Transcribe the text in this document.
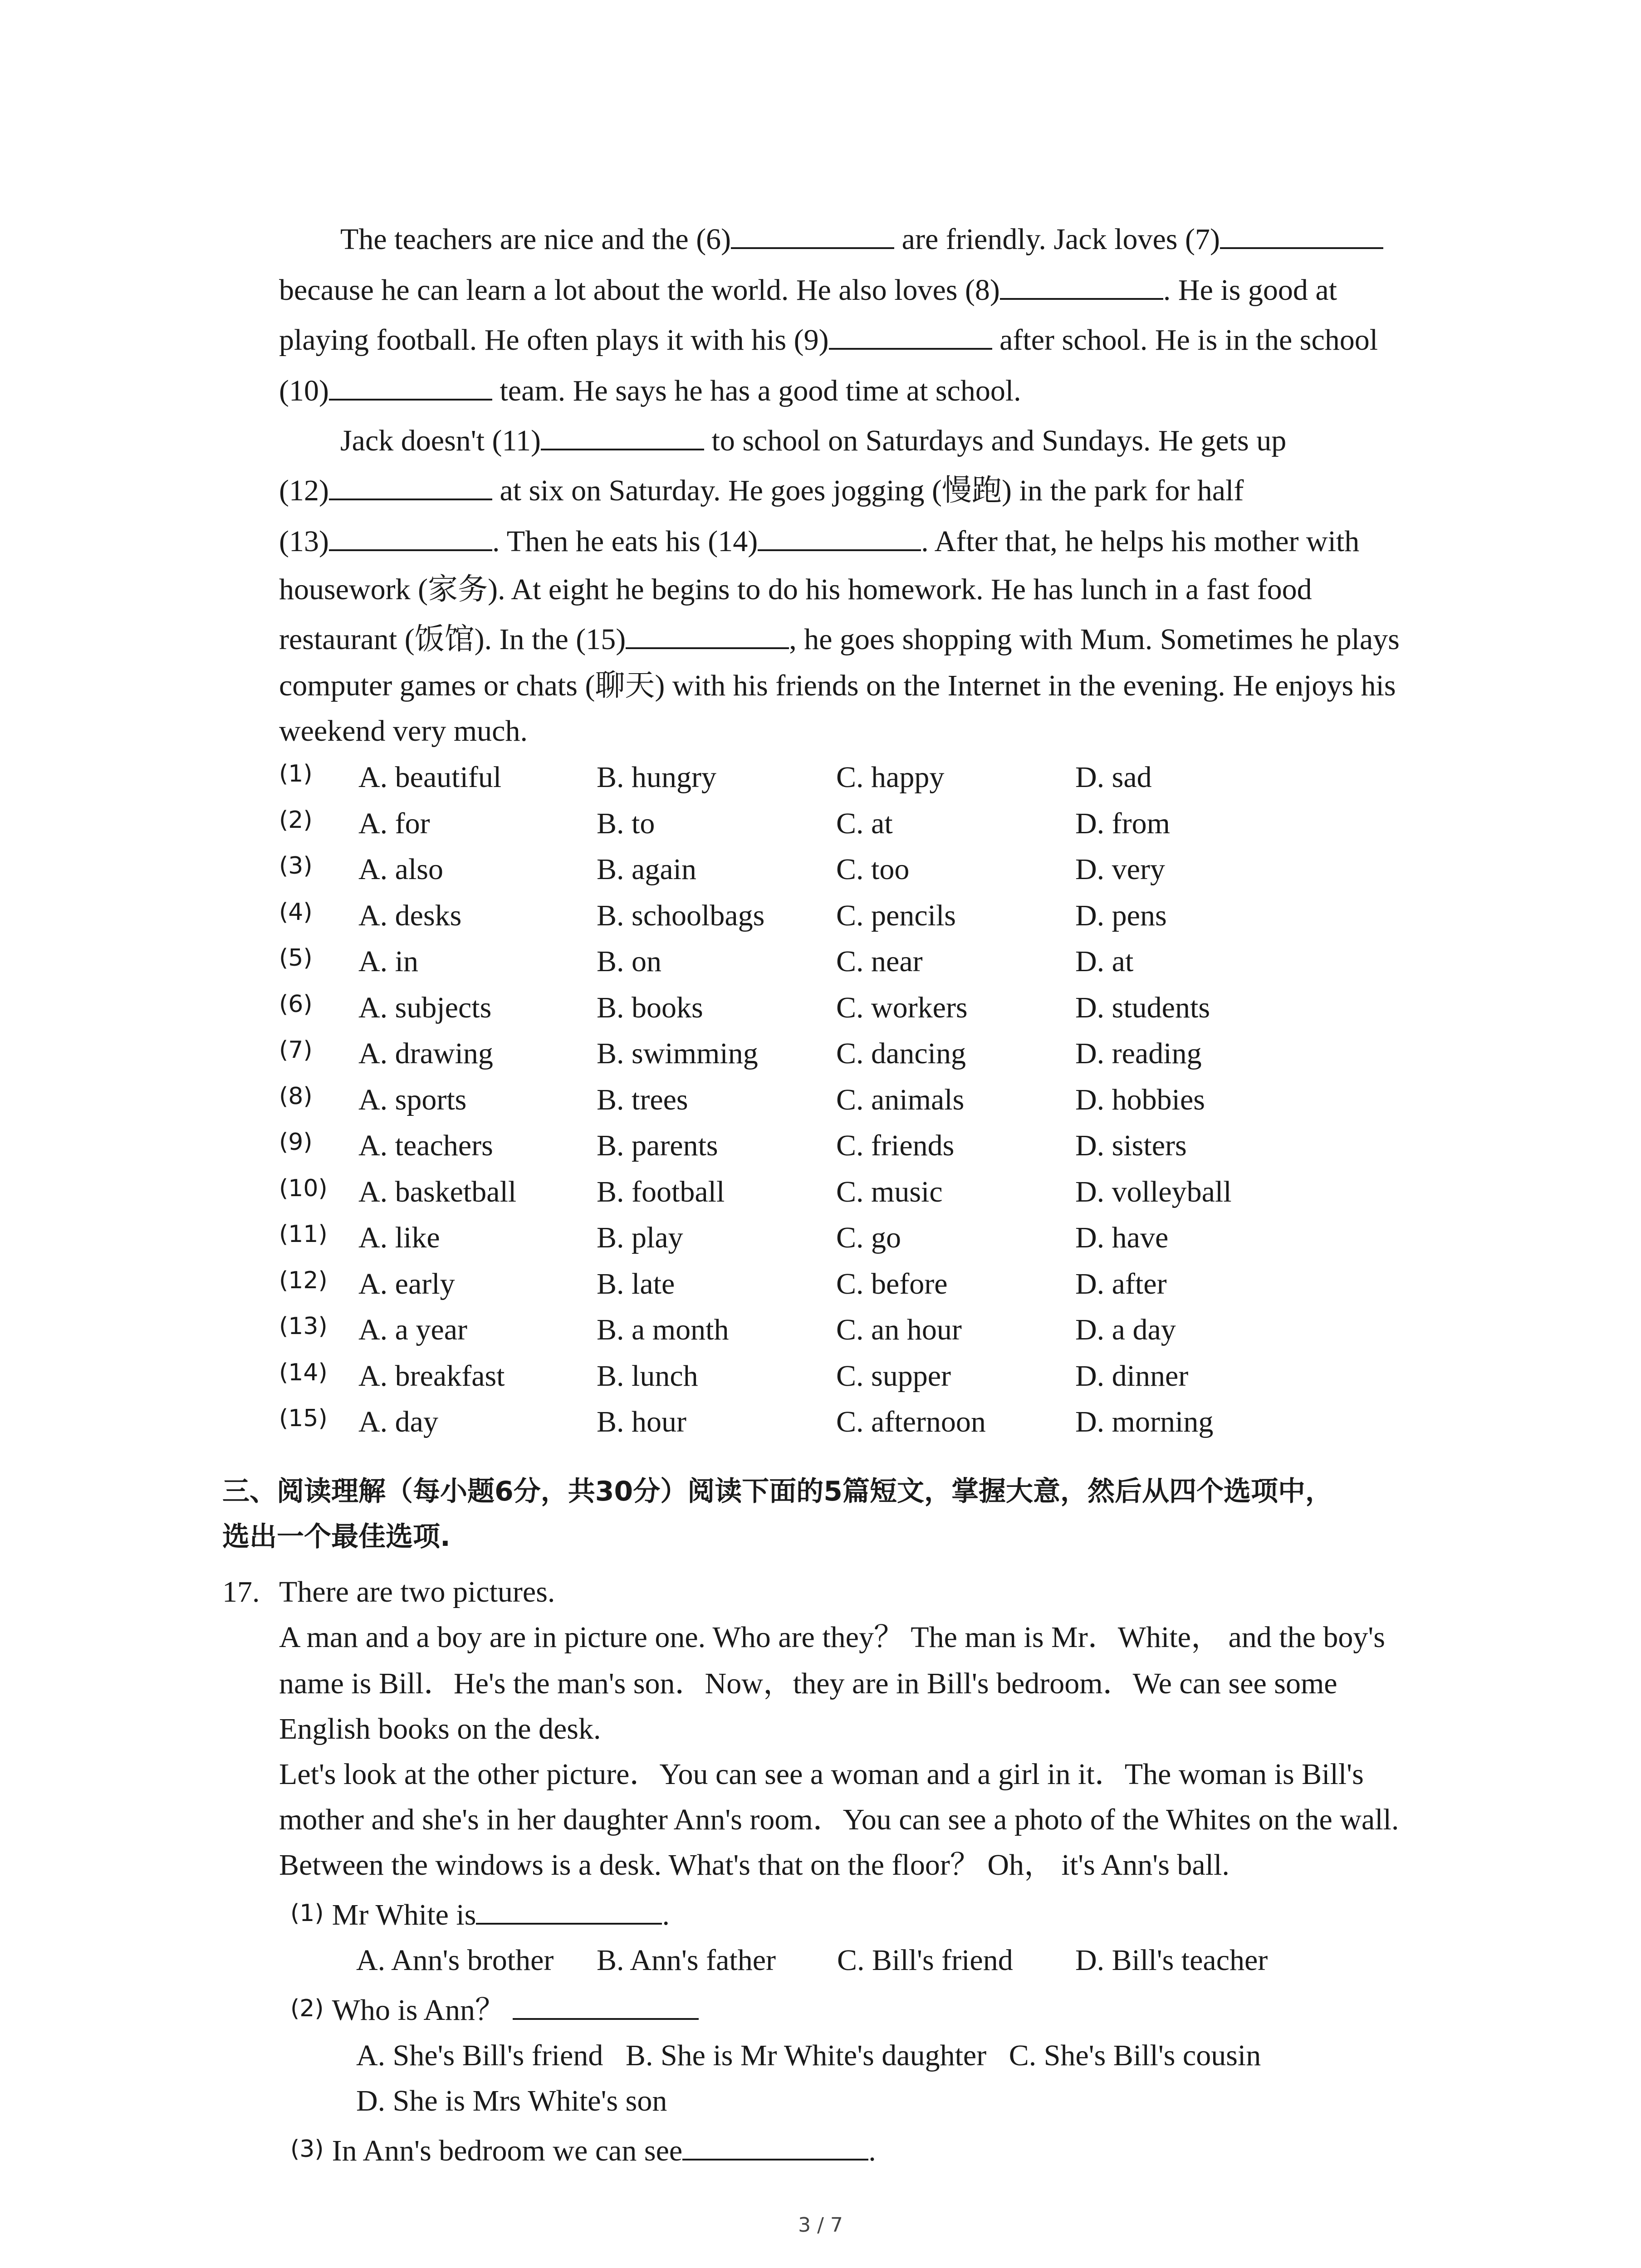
The teachers are nice and the (6)	are friendly. Jack loves (7)
because he can learn a lot about the world. He also loves (8)	. He is good at
playing football. He often plays it with his (9)	after school. He is in the school
(10)	team. He says he has a good time at school.
Jack doesn't (11)	to school on Saturdays and Sundays. He gets up
(12)	at six on Saturday. He goes jogging (慢跑) in the park for half
(13)	. Then he eats his (14)	. After that, he helps his mother with
housework (家务). At eight he begins to do his homework. He has lunch in a fast food
restaurant (饭馆). In the (15)	, he goes shopping with Mum. Sometimes he plays
computer games or chats (聊天) with his friends on the Internet in the evening. He enjoys his
weekend very much.
(1) A. beautiful	B. hungry	C. happy	D. sad
(2) A. for	B. to	C. at	D. from
(3) A. also	B. again	C. too	D. very
(4) A. desks	B. schoolbags C. pencils	D. pens
(5) A. in	B. on	C. near	D. at
(6) A. subjects	B. books	C. workers	D. students
(7) A. drawing	B. swimming	C. dancing	D. reading
(8) A. sports	B. trees	C. animals	D. hobbies
(9) A. teachers	B. parents	C. friends	D. sisters
(10) A. basketball	B. football	C. music	D. volleyball
(11) A. like	B. play	C. go	D. have
(12) A. early	B. late	C. before	D. after
(13) A. a year	B. a month	C. an hour	D. a day
(14) A. breakfast	B. lunch	C. supper	D. dinner
(15) A. day	B. hour	C. afternoon	D. morning
三、阅读理解（每小题6分，共30分）阅读下面的5篇短文，掌握大意，然后从四个选项中，
选出一个最佳选项.
17. There are two pictures.
A man and a boy are in picture one. Who are they？ The man is Mr．White， and the boy's
name is Bill．He's the man's son．Now，they are in Bill's bedroom．We can see some
English books on the desk.
Let's look at the other picture．You can see a woman and a girl in it．The woman is Bill's
mother and she's in her daughter Ann's room．You can see a photo of the Whites on the wall.
Between the windows is a desk. What's that on the floor？ Oh， it's Ann's ball.
(1) Mr White is	.
A. Ann's brother B. Ann's father C. Bill's friend D. Bill's teacher
(2) Who is Ann？
A. She's Bill's friend   B. She is Mr White's daughter   C. She's Bill's cousin
D. She is Mrs White's son
(3) In Ann's bedroom we can see	.
3 / 7
